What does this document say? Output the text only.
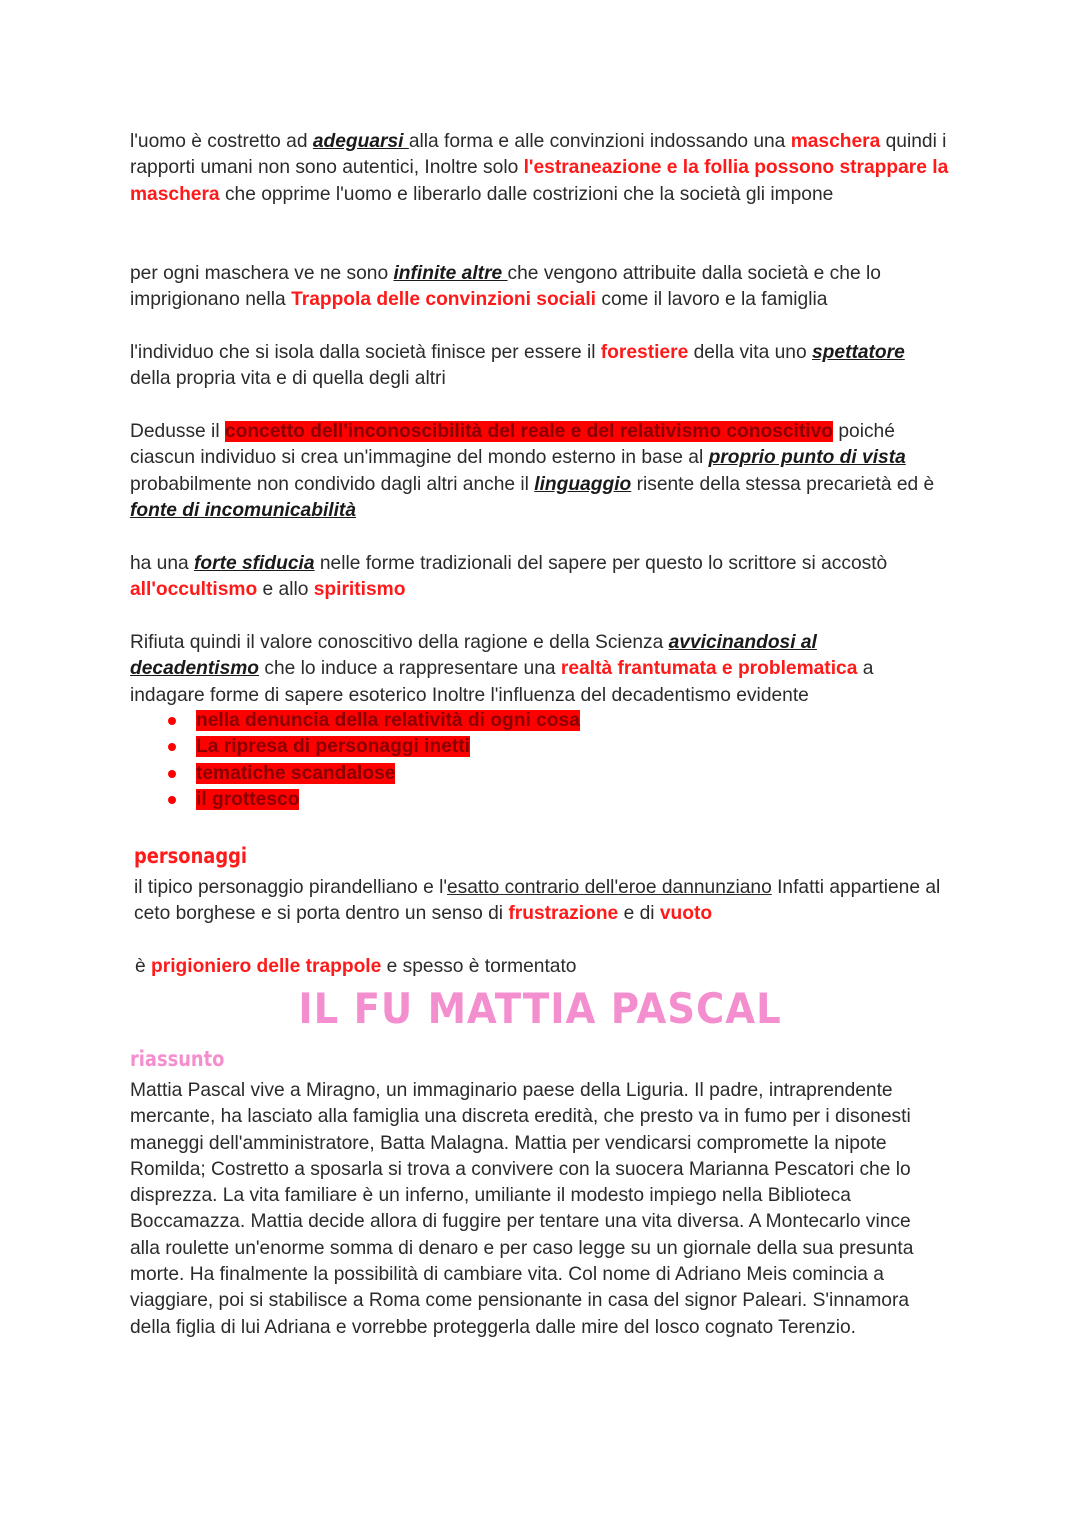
l'uomo è costretto ad adeguarsi alla forma e alle convinzioni indossando una maschera quindi i rapporti umani non sono autentici, Inoltre solo l'estraneazione e la follia possono strappare la maschera che opprime l'uomo e liberarlo dalle costrizioni che la società gli impone
per ogni maschera ve ne sono infinite altre che vengono attribuite dalla società e che lo imprigionano nella Trappola delle convinzioni sociali come il lavoro e la famiglia
l'individuo che si isola dalla società finisce per essere il forestiere della vita uno spettatore della propria vita e di quella degli altri
Dedusse il concetto dell'inconoscibilità del reale e del relativismo conoscitivo poiché ciascun individuo si crea un'immagine del mondo esterno in base al proprio punto di vista probabilmente non condivido dagli altri anche il linguaggio risente della stessa precarietà ed è fonte di incomunicabilità
ha una forte sfiducia nelle forme tradizionali del sapere per questo lo scrittore si accostò all'occultismo e allo spiritismo
Rifiuta quindi il valore conoscitivo della ragione e della Scienza avvicinandosi al decadentismo che lo induce a rappresentare una realtà frantumata e problematica a indagare forme di sapere esoterico Inoltre l'influenza del decadentismo evidente
nella denuncia della relatività di ogni cosa
La ripresa di personaggi inetti
tematiche scandalose
il grottesco
personaggi
il tipico personaggio pirandelliano e l'esatto contrario dell'eroe dannunziano Infatti appartiene al ceto borghese e si porta dentro un senso di frustrazione e di vuoto
è prigioniero delle trappole e spesso è tormentato
IL FU MATTIA PASCAL
riassunto
Mattia Pascal vive a Miragno, un immaginario paese della Liguria. Il padre, intraprendente mercante, ha lasciato alla famiglia una discreta eredità, che presto va in fumo per i disonesti maneggi dell'amministratore, Batta Malagna. Mattia per vendicarsi compromette la nipote Romilda; Costretto a sposarla si trova a convivere con la suocera Marianna Pescatori che lo disprezza. La vita familiare è un inferno, umiliante il modesto impiego nella Biblioteca Boccamazza. Mattia decide allora di fuggire per tentare una vita diversa. A Montecarlo vince alla roulette un'enorme somma di denaro e per caso legge su un giornale della sua presunta morte. Ha finalmente la possibilità di cambiare vita. Col nome di Adriano Meis comincia a viaggiare, poi si stabilisce a Roma come pensionante in casa del signor Paleari. S'innamora della figlia di lui Adriana e vorrebbe proteggerla dalle mire del losco cognato Terenzio.
